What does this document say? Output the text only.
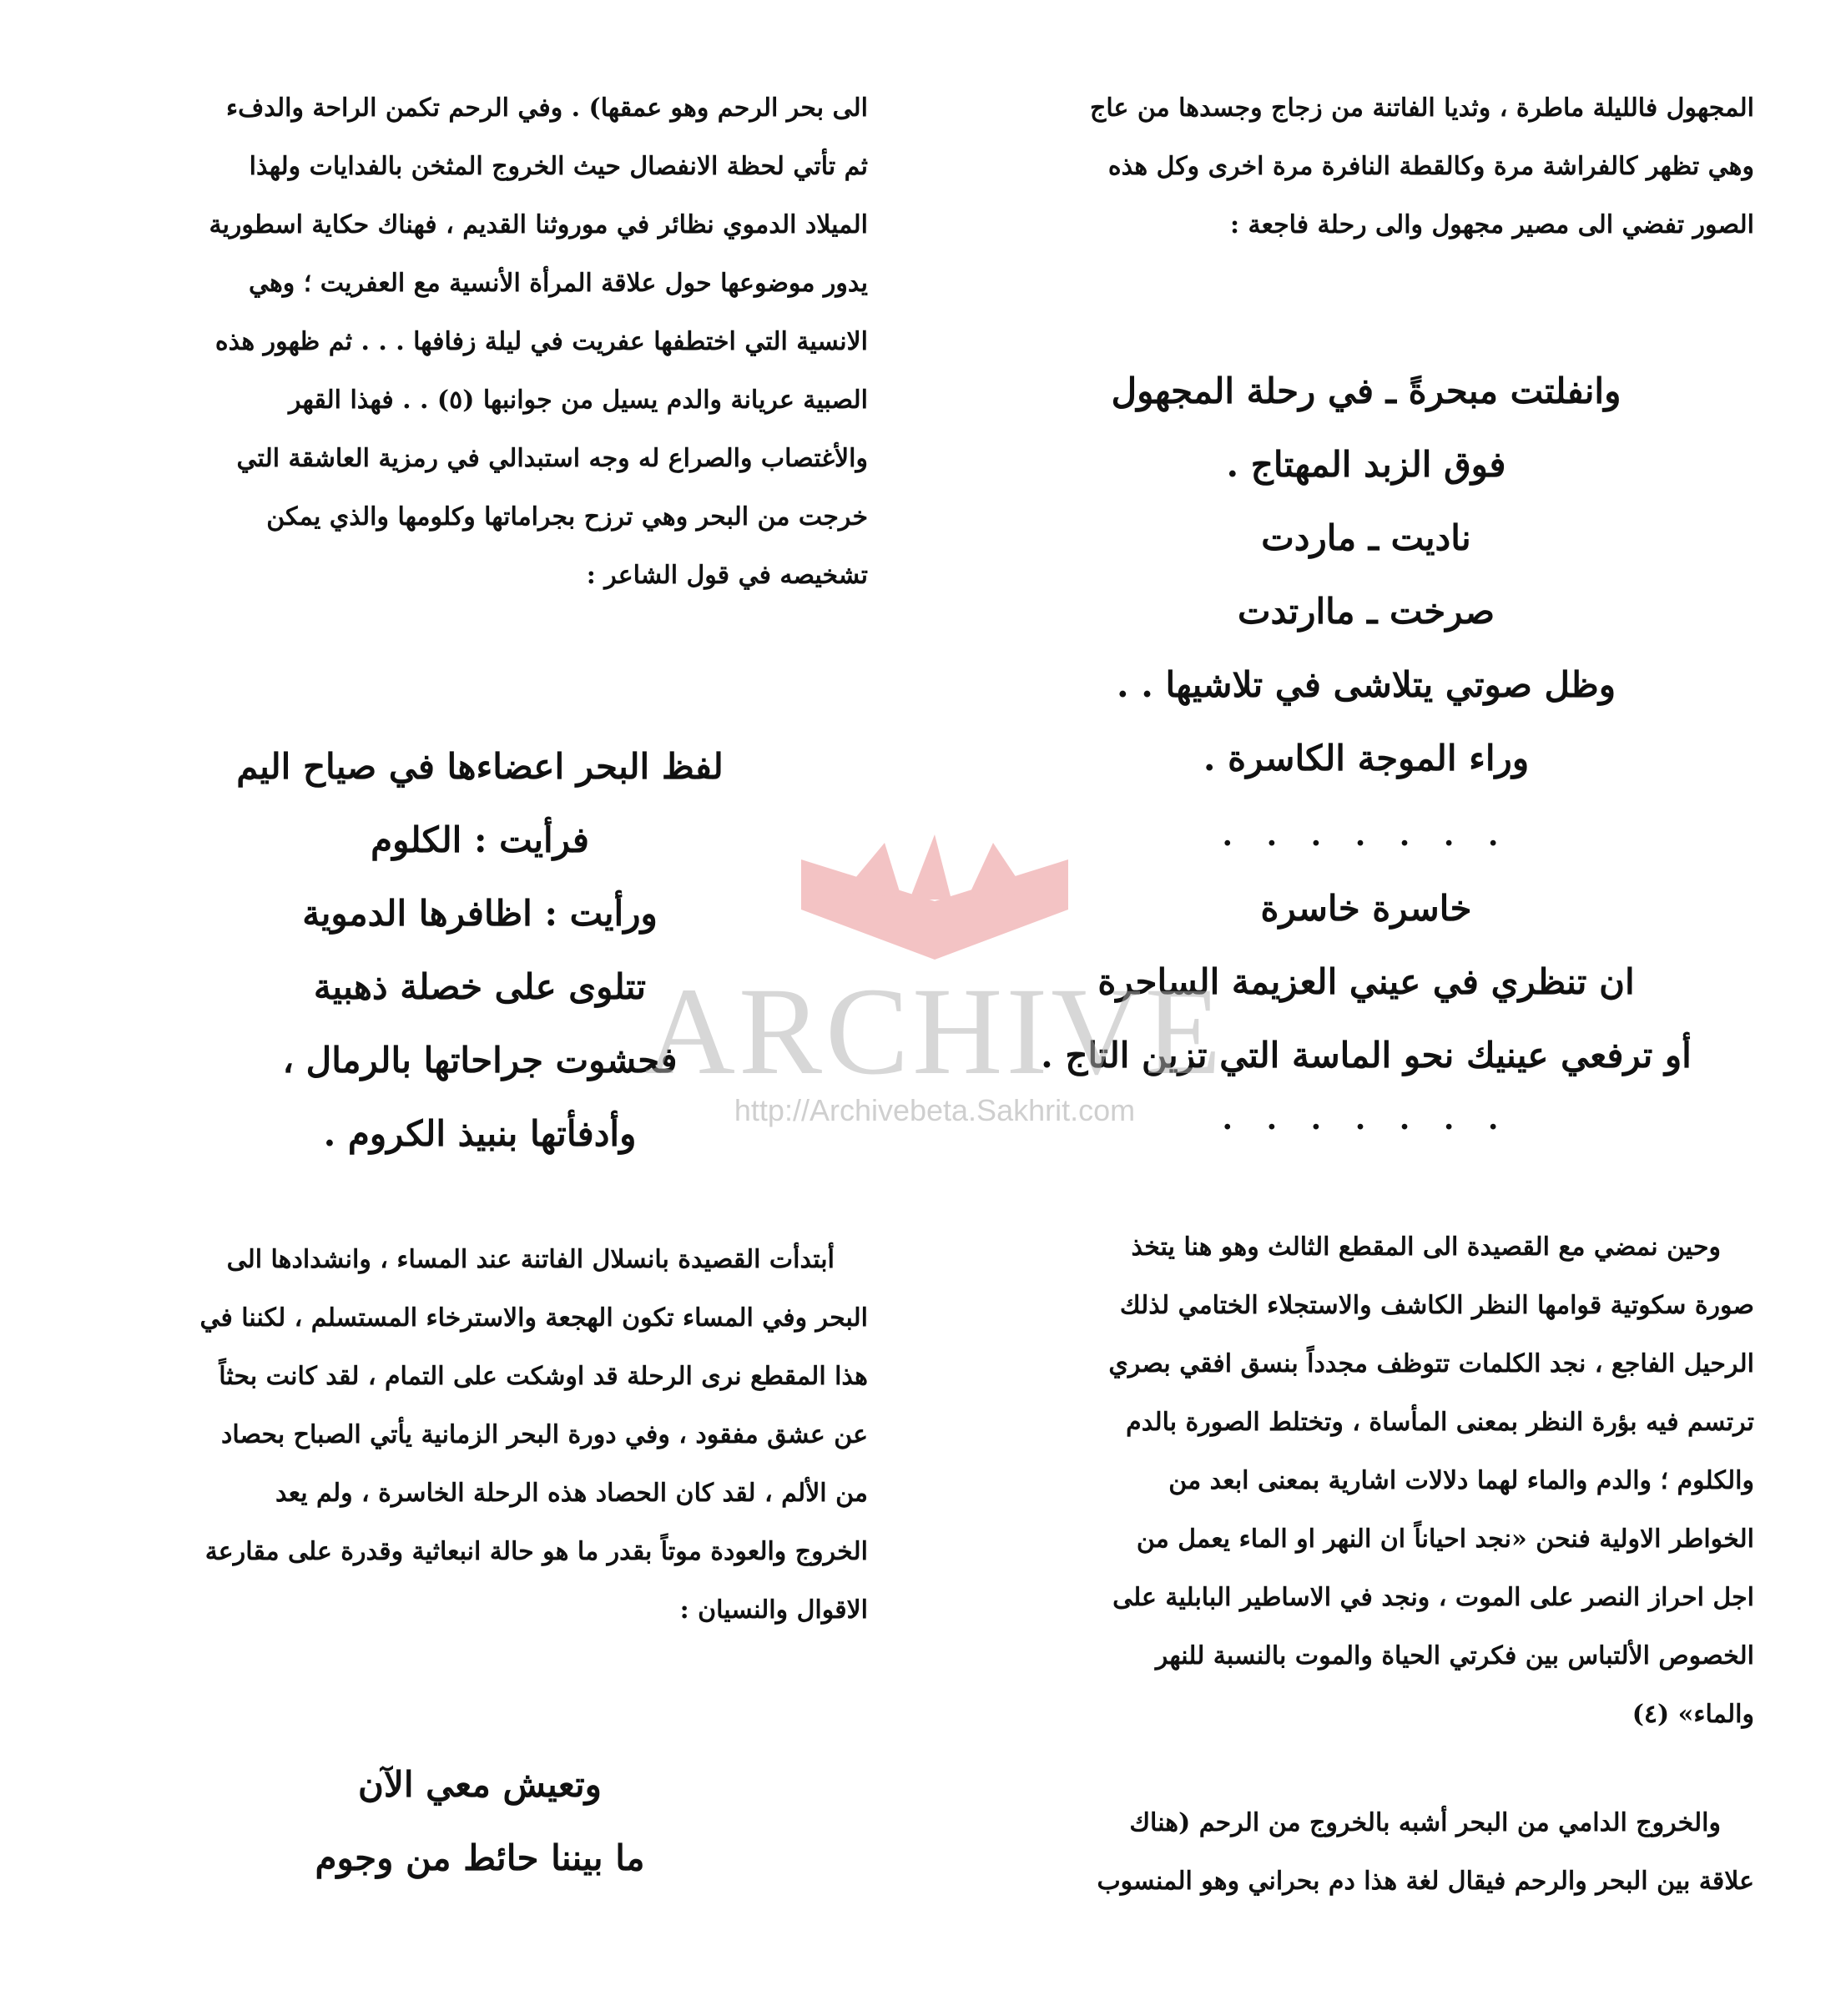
المجهول فالليلة ماطرة ، وثديا الفاتنة من زجاج وجسدها من عاج
وهي تظهر كالفراشة مرة وكالقطة النافرة مرة اخرى وكل هذه
الصور تفضي الى مصير مجهول والى رحلة فاجعة :

وانفلتت مبحرةً ـ في رحلة المجهول
فوق الزبد المهتاج .
ناديت ـ ماردت
صرخت ـ ماارتدت
وظل صوتي يتلاشى في تلاشيها . .
وراء الموجة الكاسرة .
. . . . . . .
خاسرة خاسرة
ان تنظري في عيني العزيمة الساحرة
أو ترفعي عينيك نحو الماسة التي تزين التاج .
. . . . . . .

وحين نمضي مع القصيدة الى المقطع الثالث وهو هنا يتخذ
صورة سكوتية قوامها النظر الكاشف والاستجلاء الختامي لذلك
الرحيل الفاجع ، نجد الكلمات تتوظف مجدداً بنسق افقي بصري
ترتسم فيه بؤرة النظر بمعنى المأساة ، وتختلط الصورة بالدم
والكلوم ؛ والدم والماء لهما دلالات اشارية بمعنى ابعد من
الخواطر الاولية فنحن «نجد احياناً ان النهر او الماء يعمل من
اجل احراز النصر على الموت ، ونجد في الاساطير البابلية على
الخصوص الألتباس بين فكرتي الحياة والموت بالنسبة للنهر
والماء» (٤)

والخروج الدامي من البحر أشبه بالخروج من الرحم (هناك
علاقة بين البحر والرحم فيقال لغة هذا دم بحراني وهو المنسوب

الى بحر الرحم وهو عمقها) . وفي الرحم تكمن الراحة والدفء
ثم تأتي لحظة الانفصال حيث الخروج المثخن بالفدايات ولهذا
الميلاد الدموي نظائر في موروثنا القديم ، فهناك حكاية اسطورية
يدور موضوعها حول علاقة المرأة الأنسية مع العفريت ؛ وهي
الانسية التي اختطفها عفريت في ليلة زفافها . . . ثم ظهور هذه
الصبية عريانة والدم يسيل من جوانبها (٥) . . فهذا القهر
والأغتصاب والصراع له وجه استبدالي في رمزية العاشقة التي
خرجت من البحر وهي ترزح بجراماتها وكلومها والذي يمكن
تشخيصه في قول الشاعر :

لفظ البحر اعضاءها في صياح اليم
فرأيت : الكلوم
ورأيت : اظافرها الدموية
تتلوى على خصلة ذهبية
فحشوت جراحاتها بالرمال ،
وأدفأتها بنبيذ الكروم .

أبتدأت القصيدة بانسلال الفاتنة عند المساء ، وانشدادها الى
البحر وفي المساء تكون الهجعة والاسترخاء المستسلم ، لكننا في
هذا المقطع نرى الرحلة قد اوشكت على التمام ، لقد كانت بحثاً
عن عشق مفقود ، وفي دورة البحر الزمانية يأتي الصباح بحصاد
من الألم ، لقد كان الحصاد هذه الرحلة الخاسرة ، ولم يعد
الخروج والعودة موتاً بقدر ما هو حالة انبعاثية وقدرة على مقارعة
الاقوال والنسيان :

وتعيش معي الآن
ما بيننا حائط من وجوم
ARCHIVE
http://Archivebeta.Sakhrit.com
